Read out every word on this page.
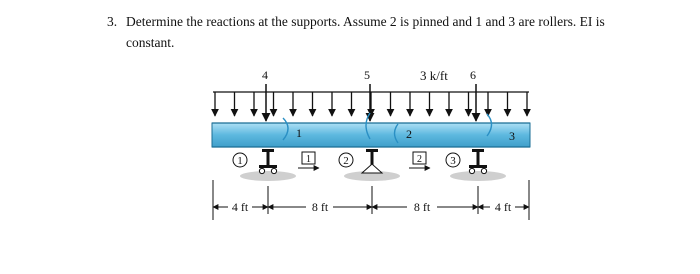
3. Determine the reactions at the supports. Assume 2 is pinned and 1 and 3 are rollers. EI is
constant.
1	2	3
4	5	3 k/ft 6
1	2	3
1	2
4 ft	8 ft	8 ft	4 ft
